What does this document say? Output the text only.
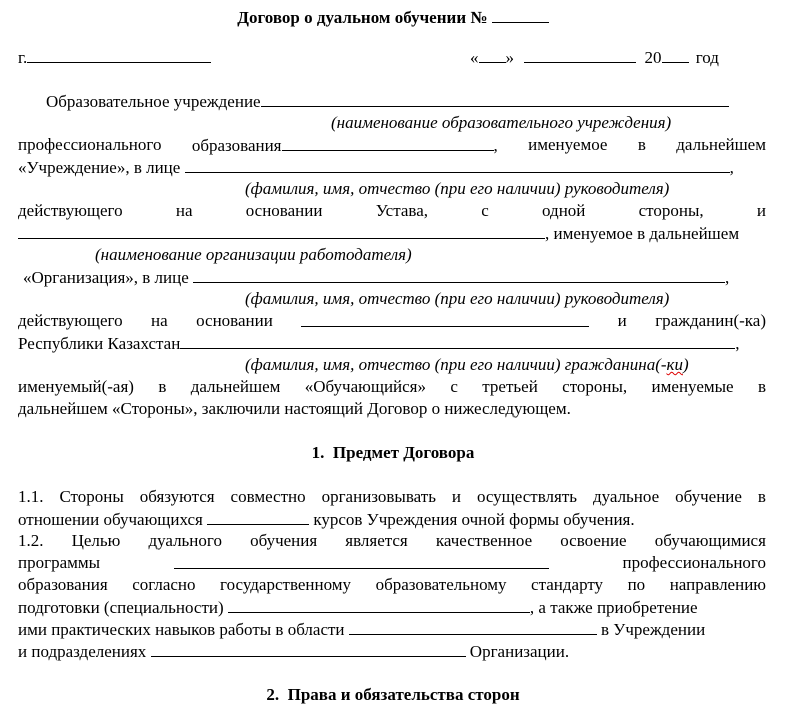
Договор о дуальном обучении №
г.	« »	20 год
Образовательное учреждение
(наименование образовательного учреждения)
профессионального образования	, именуемое в дальнейшем
«Учреждение», в лице	,
(фамилия, имя, отчество (при его наличии) руководителя)
действующего	на	основании	Устава,	с	одной	стороны,	и
, именуемое в дальнейшем
(наименование организации работодателя)
«Организация», в лице	,
(фамилия, имя, отчество (при его наличии) руководителя)
действующего на основании	и гражданин(-ка)
Республики Казахстан	,
(фамилия, имя, отчество (при его наличии) гражданина(-ки)
именуемый(-ая) в дальнейшем «Обучающийся» с третьей стороны, именуемые в
дальнейшем «Стороны», заключили настоящий Договор о нижеследующем.
1. Предмет Договора
1.1. Стороны обязуются совместно организовывать и осуществлять дуальное обучение в
отношении обучающихся	курсов Учреждения очной формы обучения.
1.2. Целью дуального обучения является качественное освоение обучающимися
программы	профессионального
образования согласно государственному образовательному стандарту по направлению
подготовки (специальности)	, а также приобретение
ими практических навыков работы в области	в Учреждении
и подразделениях	Организации.
2. Права и обязательства сторон
